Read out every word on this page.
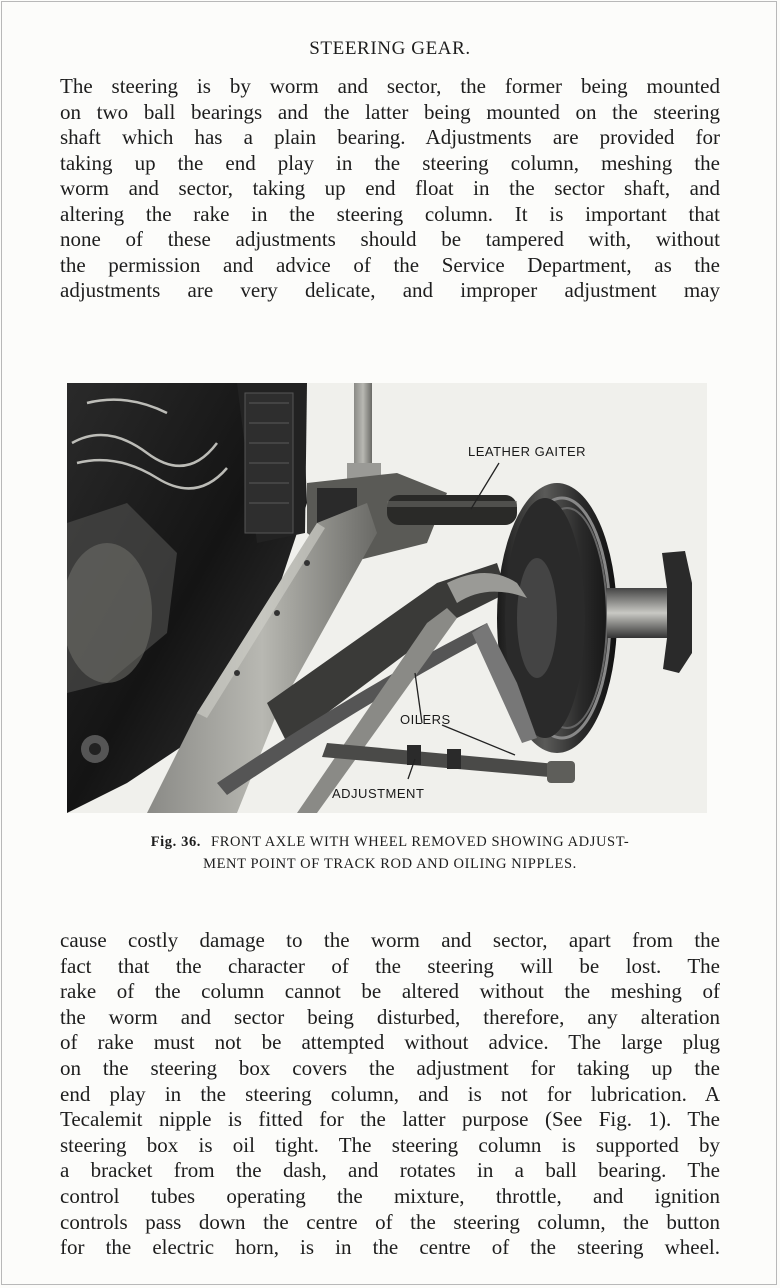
STEERING GEAR.

The steering is by worm and sector, the former being mounted
on two ball bearings and the latter being mounted on the steering
shaft which has a plain bearing. Adjustments are provided for
taking up the end play in the steering column, meshing the
worm and sector, taking up end float in the sector shaft, and
altering the rake in the steering column. It is important that
none of these adjustments should be tampered with, without
the permission and advice of the Service Department, as the
adjustments are very delicate, and improper adjustment may

LEATHER GAITER
OILERS
ADJUSTMENT
Fig. 36. FRONT AXLE WITH WHEEL REMOVED SHOWING ADJUST-
MENT POINT OF TRACK ROD AND OILING NIPPLES.

cause costly damage to the worm and sector, apart from the
fact that the character of the steering will be lost. The
rake of the column cannot be altered without the meshing of
the worm and sector being disturbed, therefore, any alteration
of rake must not be attempted without advice. The large plug
on the steering box covers the adjustment for taking up the
end play in the steering column, and is not for lubrication. A
Tecalemit nipple is fitted for the latter purpose (See Fig. 1). The
steering box is oil tight. The steering column is supported by
a bracket from the dash, and rotates in a ball bearing. The
control tubes operating the mixture, throttle, and ignition
controls pass down the centre of the steering column, the button
for the electric horn, is in the centre of the steering wheel.
